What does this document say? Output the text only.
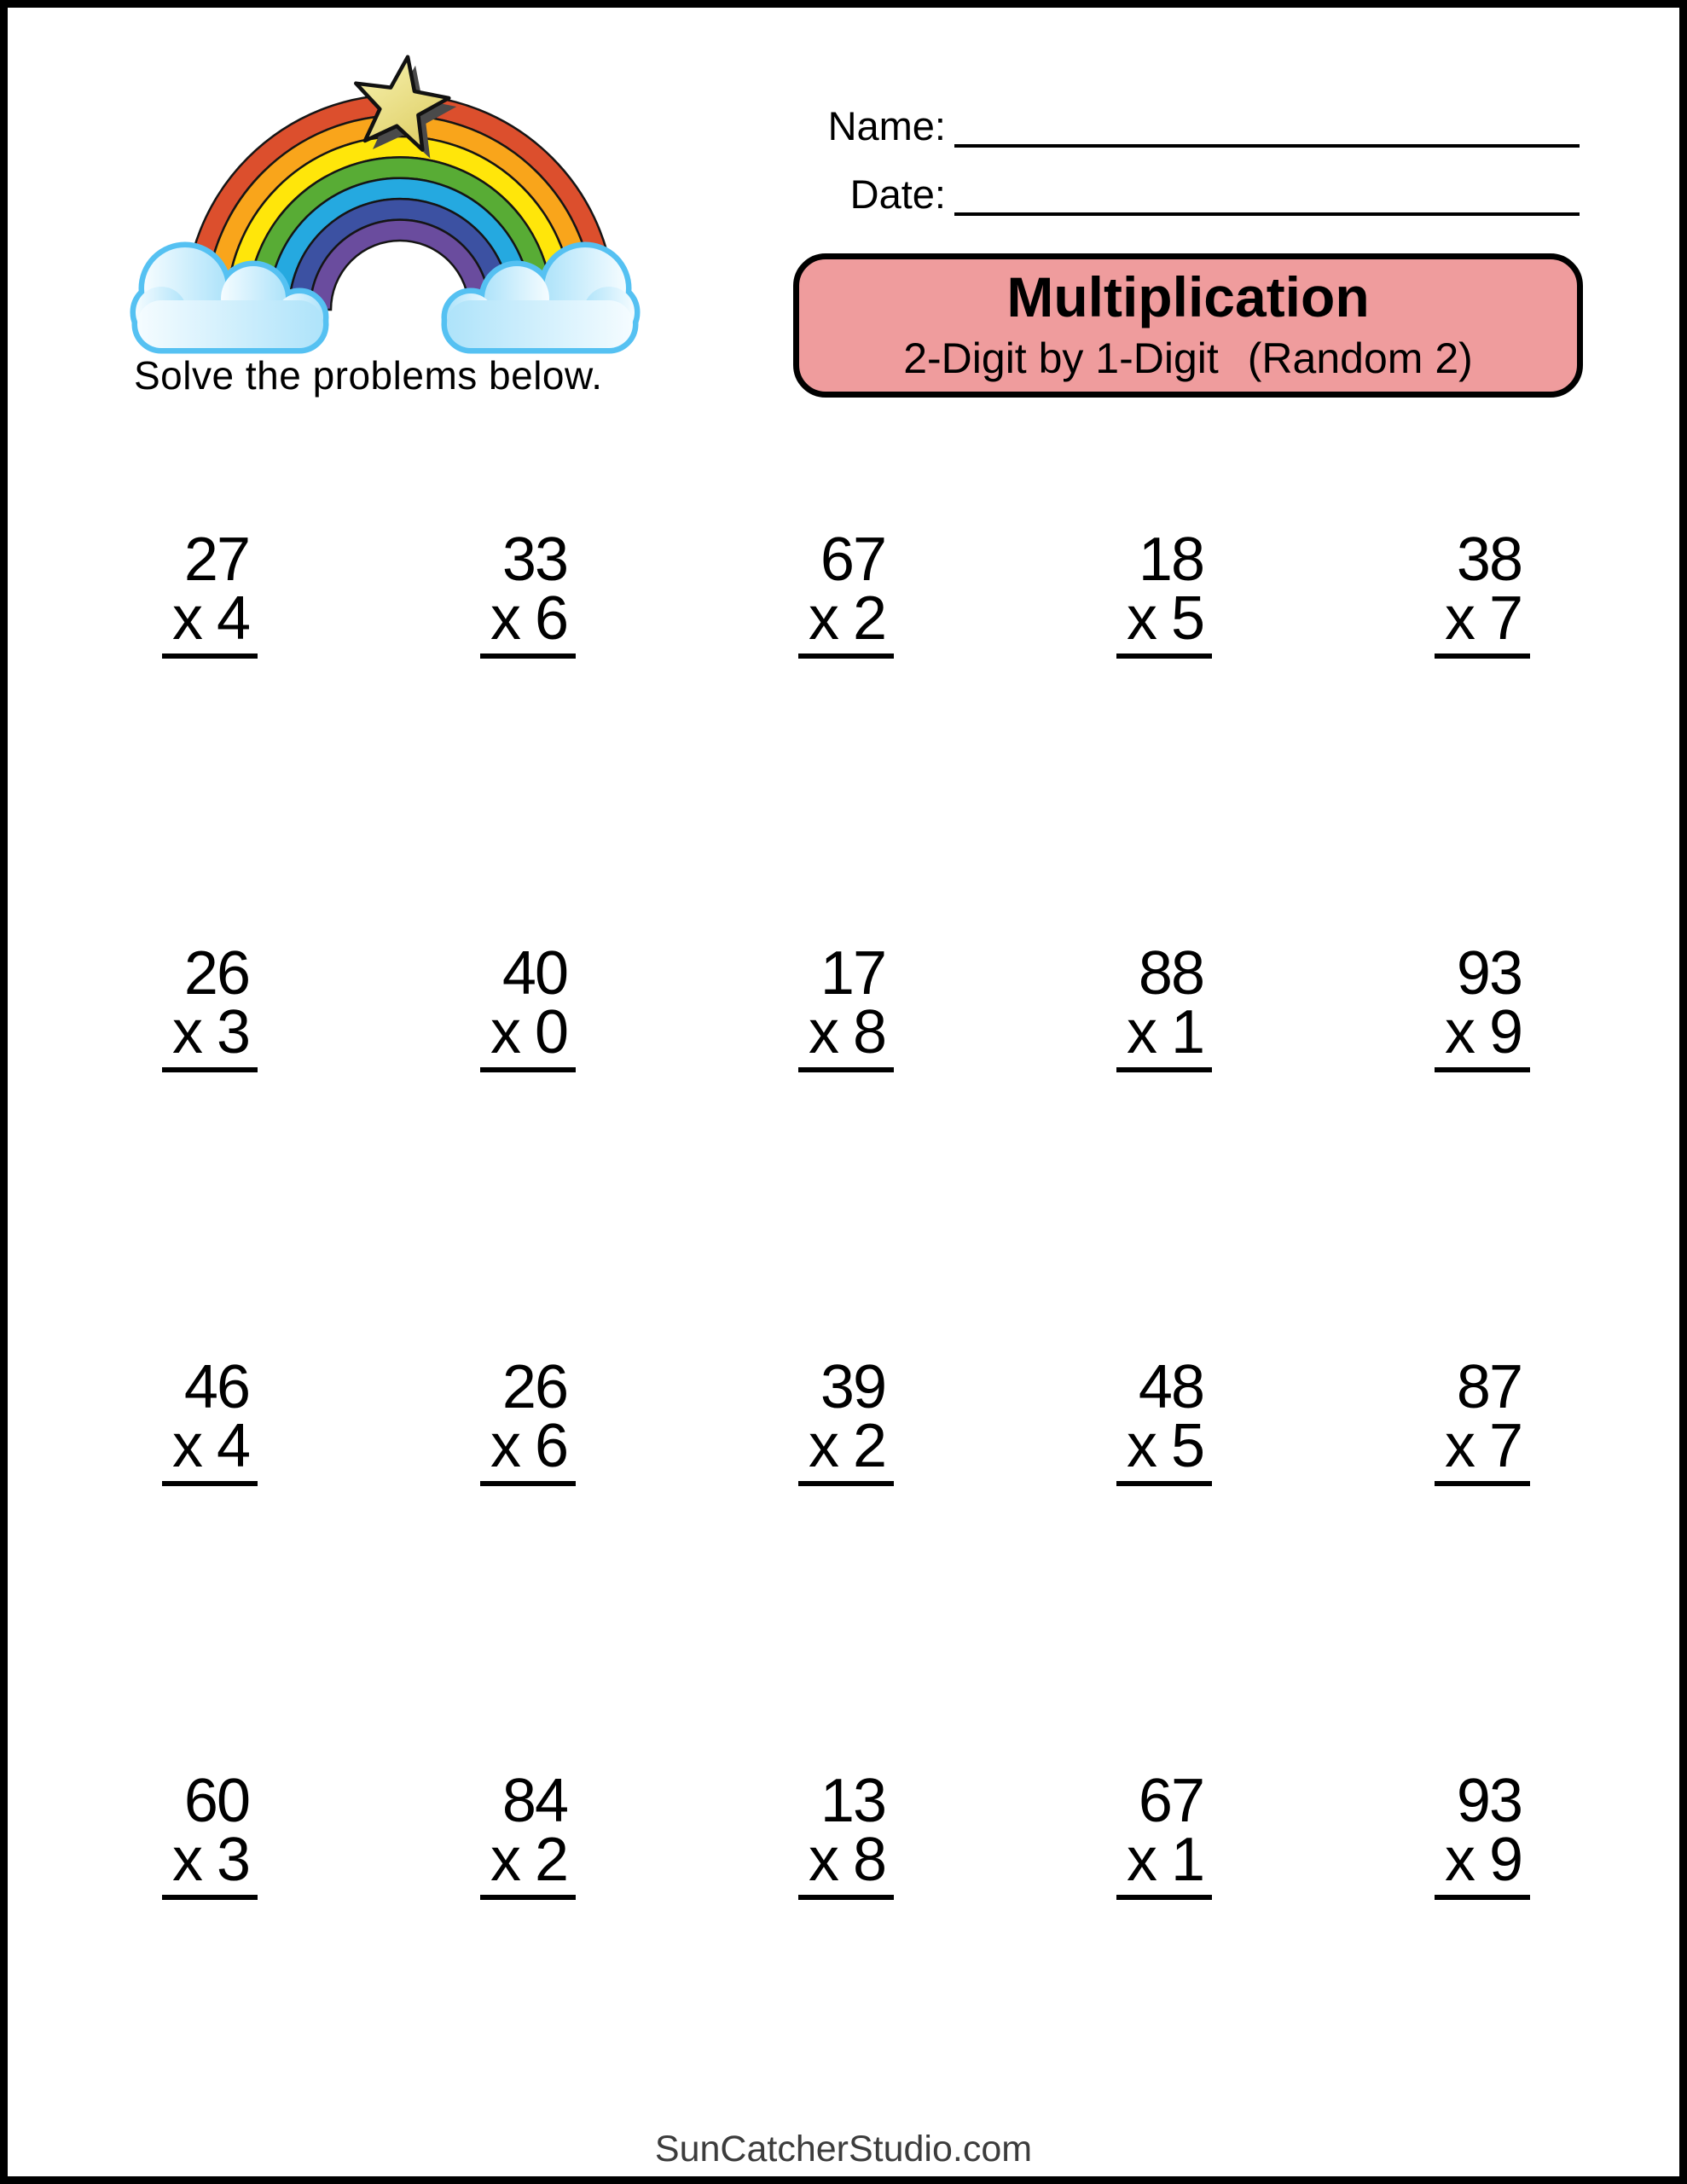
Solve the problems below.
Name:
Date:
Multiplication
2-Digit by 1-Digit (Random 2)
27
x 4
33
x 6
67
x 2
18
x 5
38
x 7
26
x 3
40
x 0
17
x 8
88
x 1
93
x 9
46
x 4
26
x 6
39
x 2
48
x 5
87
x 7
60
x 3
84
x 2
13
x 8
67
x 1
93
x 9
SunCatcherStudio.com
